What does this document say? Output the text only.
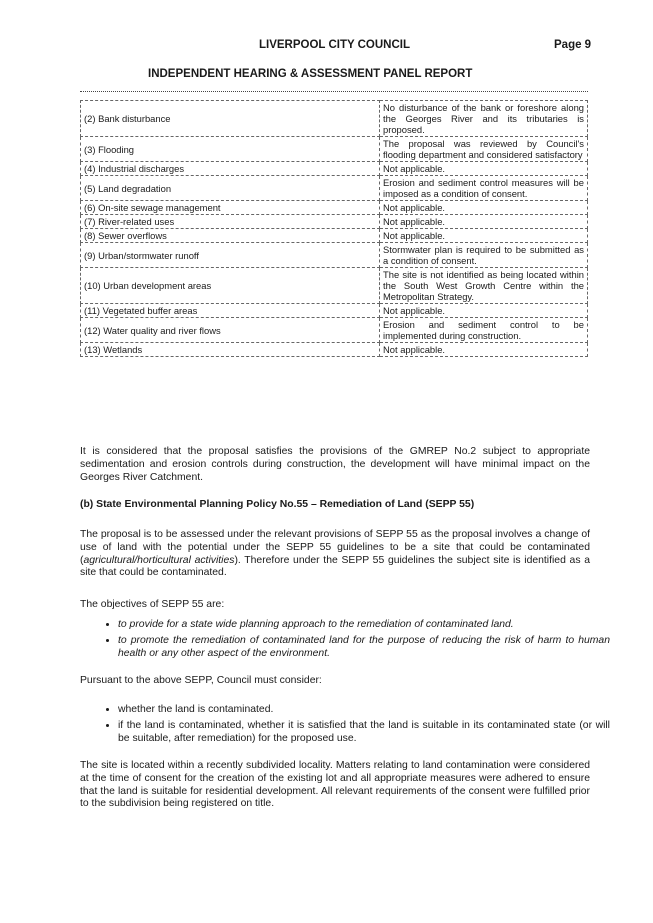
LIVERPOOL CITY COUNCIL	Page 9
INDEPENDENT HEARING & ASSESSMENT PANEL REPORT
(2) Bank disturbance	No disturbance of the bank or foreshore along the Georges River and its tributaries is proposed.
(3) Flooding	The proposal was reviewed by Council's flooding department and considered satisfactory
(4) Industrial discharges	Not applicable.
(5) Land degradation	Erosion and sediment control measures will be imposed as a condition of consent.
(6) On-site sewage management	Not applicable.
(7) River-related uses	Not applicable.
(8) Sewer overflows	Not applicable.
(9) Urban/stormwater runoff	Stormwater plan is required to be submitted as a condition of consent.
(10) Urban development areas	The site is not identified as being located within the South West Growth Centre within the Metropolitan Strategy.
(11) Vegetated buffer areas	Not applicable.
(12) Water quality and river flows	Erosion and sediment control to be implemented during construction.
(13) Wetlands	Not applicable.

It is considered that the proposal satisfies the provisions of the GMREP No.2 subject to appropriate sedimentation and erosion controls during construction, the development will have minimal impact on the Georges River Catchment.

(b) State Environmental Planning Policy No.55 – Remediation of Land (SEPP 55)

The proposal is to be assessed under the relevant provisions of SEPP 55 as the proposal involves a change of use of land with the potential under the SEPP 55 guidelines to be a site that could be contaminated (agricultural/horticultural activities). Therefore under the SEPP 55 guidelines the subject site is identified as a site that could be contaminated.

The objectives of SEPP 55 are:

• to provide for a state wide planning approach to the remediation of contaminated land.
• to promote the remediation of contaminated land for the purpose of reducing the risk of harm to human health or any other aspect of the environment.

Pursuant to the above SEPP, Council must consider:

• whether the land is contaminated.
• if the land is contaminated, whether it is satisfied that the land is suitable in its contaminated state (or will be suitable, after remediation) for the proposed use.

The site is located within a recently subdivided locality. Matters relating to land contamination were considered at the time of consent for the creation of the existing lot and all appropriate measures were adhered to ensure that the land is suitable for residential development. All relevant requirements of the consent were fulfilled prior to the subdivision being registered on title.
